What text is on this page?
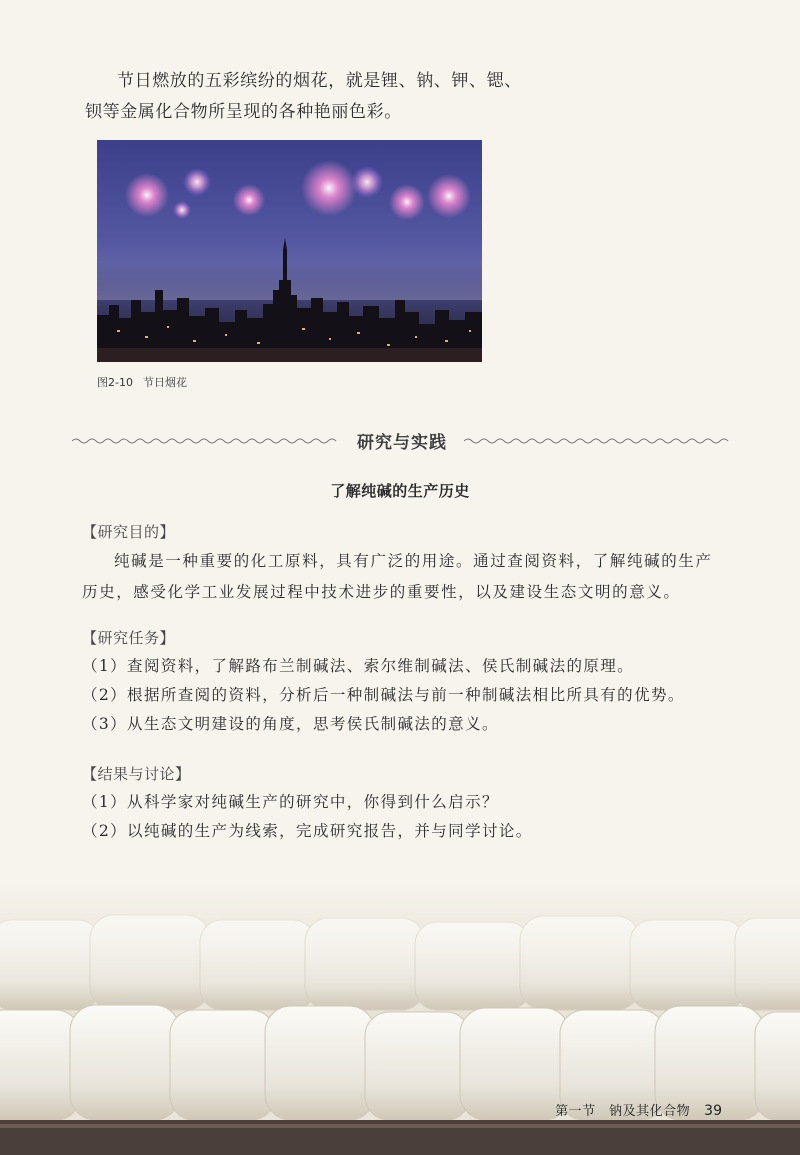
节日燃放的五彩缤纷的烟花，就是锂、钠、钾、锶、钡等金属化合物所呈现的各种艳丽色彩。

图2-10 节日烟花
研究与实践
了解纯碱的生产历史
【研究目的】

纯碱是一种重要的化工原料，具有广泛的用途。通过查阅资料，了解纯碱的生产历史，感受化学工业发展过程中技术进步的重要性，以及建设生态文明的意义。

【研究任务】
（1）查阅资料，了解路布兰制碱法、索尔维制碱法、侯氏制碱法的原理。
（2）根据所查阅的资料，分析后一种制碱法与前一种制碱法相比所具有的优势。
（3）从生态文明建设的角度，思考侯氏制碱法的意义。
【结果与讨论】
（1）从科学家对纯碱生产的研究中，你得到什么启示？
（2）以纯碱的生产为线索，完成研究报告，并与同学讨论。
第一节　钠及其化合物 39
